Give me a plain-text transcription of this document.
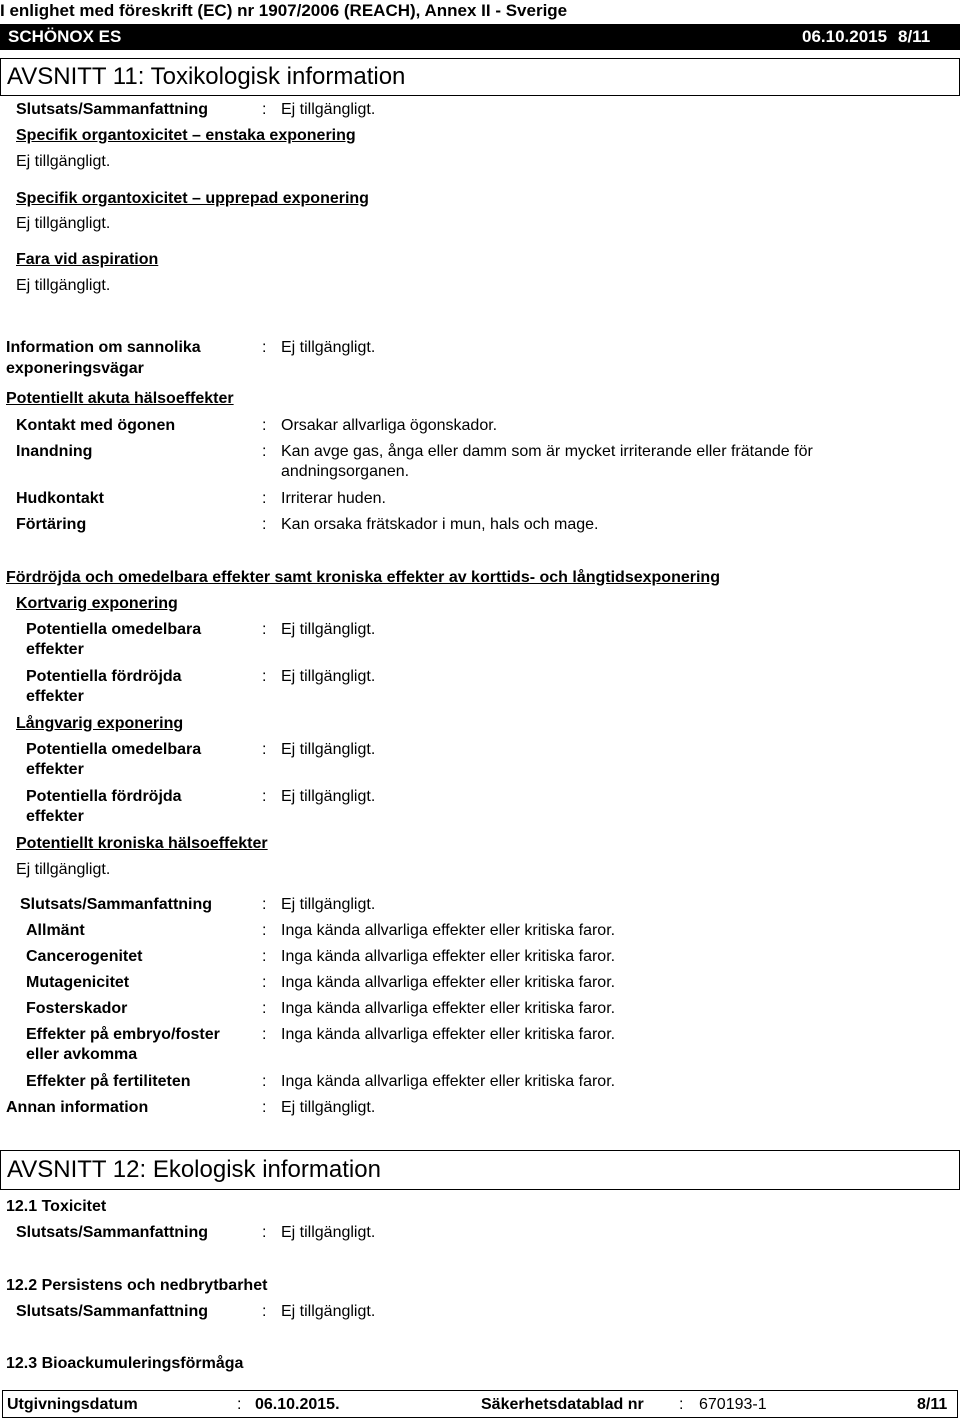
I enlighet med föreskrift (EC) nr 1907/2006 (REACH), Annex II - Sverige
SCHÖNOX ES	06.10.2015 8/11
AVSNITT 11: Toxikologisk information
Slutsats/Sammanfattning	: Ej tillgängligt.
Specifik organtoxicitet – enstaka exponering
Ej tillgängligt.
Specifik organtoxicitet – upprepad exponering
Ej tillgängligt.
Fara vid aspiration
Ej tillgängligt.
Information om sannolika
exponeringsvägar
: Ej tillgängligt.
Potentiellt akuta hälsoeffekter
Kontakt med ögonen	: Orsakar allvarliga ögonskador.
Inandning	: Kan avge gas, ånga eller damm som är mycket irriterande eller frätande för andningsorganen.
Hudkontakt	: Irriterar huden.
Förtäring	: Kan orsaka frätskador i mun, hals och mage.
Fördröjda och omedelbara effekter samt kroniska effekter av korttids- och långtidsexponering
Kortvarig exponering
Potentiella omedelbara
effekter
: Ej tillgängligt.
Potentiella fördröjda
effekter
: Ej tillgängligt.
Långvarig exponering
Potentiella omedelbara
effekter
: Ej tillgängligt.
Potentiella fördröjda
effekter
: Ej tillgängligt.
Potentiellt kroniska hälsoeffekter
Ej tillgängligt.
Slutsats/Sammanfattning	: Ej tillgängligt.
Allmänt	: Inga kända allvarliga effekter eller kritiska faror.
Cancerogenitet	: Inga kända allvarliga effekter eller kritiska faror.
Mutagenicitet	: Inga kända allvarliga effekter eller kritiska faror.
Fosterskador	: Inga kända allvarliga effekter eller kritiska faror.
Effekter på embryo/foster
eller avkomma
: Inga kända allvarliga effekter eller kritiska faror.
Effekter på fertiliteten	: Inga kända allvarliga effekter eller kritiska faror.
Annan information	: Ej tillgängligt.
AVSNITT 12: Ekologisk information
12.1 Toxicitet
Slutsats/Sammanfattning	: Ej tillgängligt.
12.2 Persistens och nedbrytbarhet
Slutsats/Sammanfattning	: Ej tillgängligt.
12.3 Bioackumuleringsförmåga
Utgivningsdatum	: 06.10.2015.	Säkerhetsdatablad nr : 670193-1	8/11
